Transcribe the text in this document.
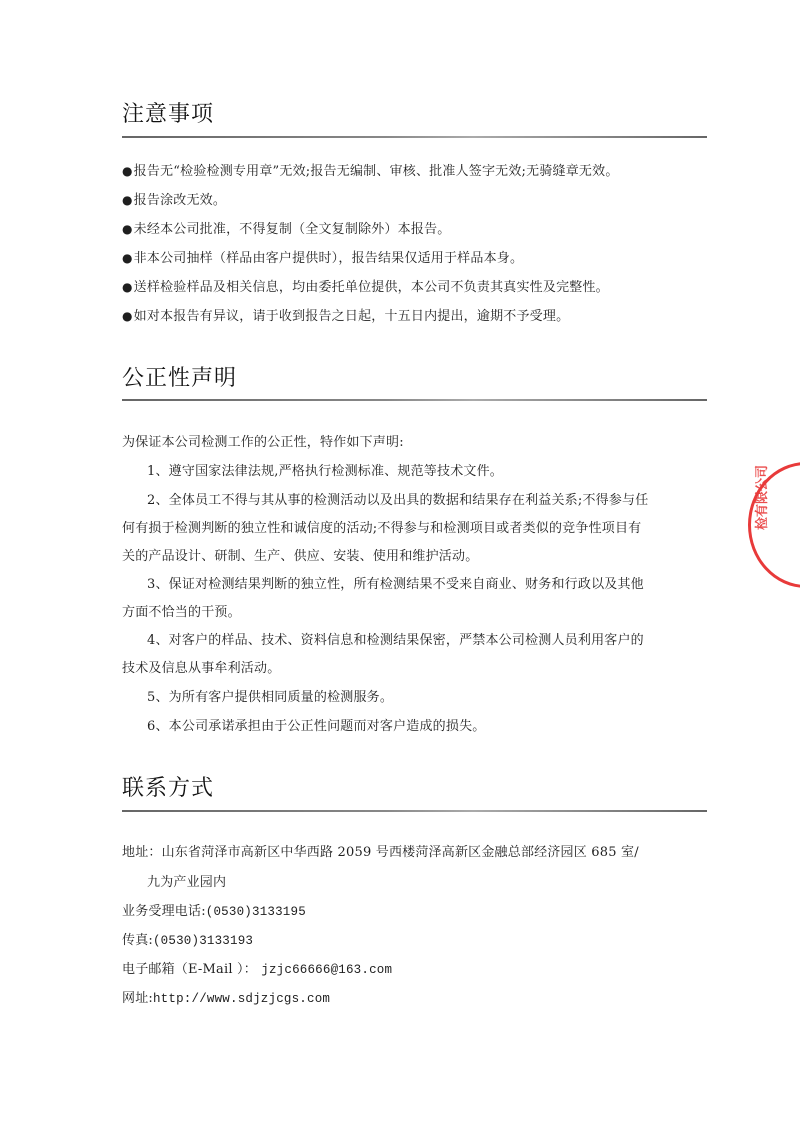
注意事项
● 报告无“检验检测专用章”无效;报告无编制、审核、批准人签字无效;无骑缝章无效。
● 报告涂改无效。
● 未经本公司批准，不得复制（全文复制除外）本报告。
● 非本公司抽样（样品由客户提供时），报告结果仅适用于样品本身。
● 送样检验样品及相关信息，均由委托单位提供，本公司不负责其真实性及完整性。
● 如对本报告有异议，请于收到报告之日起，十五日内提出，逾期不予受理。
公正性声明
为保证本公司检测工作的公正性，特作如下声明:
1、遵守国家法律法规,严格执行检测标准、规范等技术文件。
2、全体员工不得与其从事的检测活动以及出具的数据和结果存在利益关系;不得参与任
何有损于检测判断的独立性和诚信度的活动;不得参与和检测项目或者类似的竞争性项目有
关的产品设计、研制、生产、供应、安装、使用和维护活动。
3、保证对检测结果判断的独立性，所有检测结果不受来自商业、财务和行政以及其他
方面不恰当的干预。
4、对客户的样品、技术、资料信息和检测结果保密，严禁本公司检测人员利用客户的
技术及信息从事牟利活动。
5、为所有客户提供相同质量的检测服务。
6、本公司承诺承担由于公正性问题而对客户造成的损失。
联系方式
地址：山东省菏泽市高新区中华西路 2059 号西楼菏泽高新区金融总部经济园区 685 室/
九为产业园内
业务受理电话:(0530)3133195
传真:(0530)3133193
电子邮箱（E-Mail ）： jzjc66666@163.com
网址:http://www.sdjzjcgs.com
检有限公司
